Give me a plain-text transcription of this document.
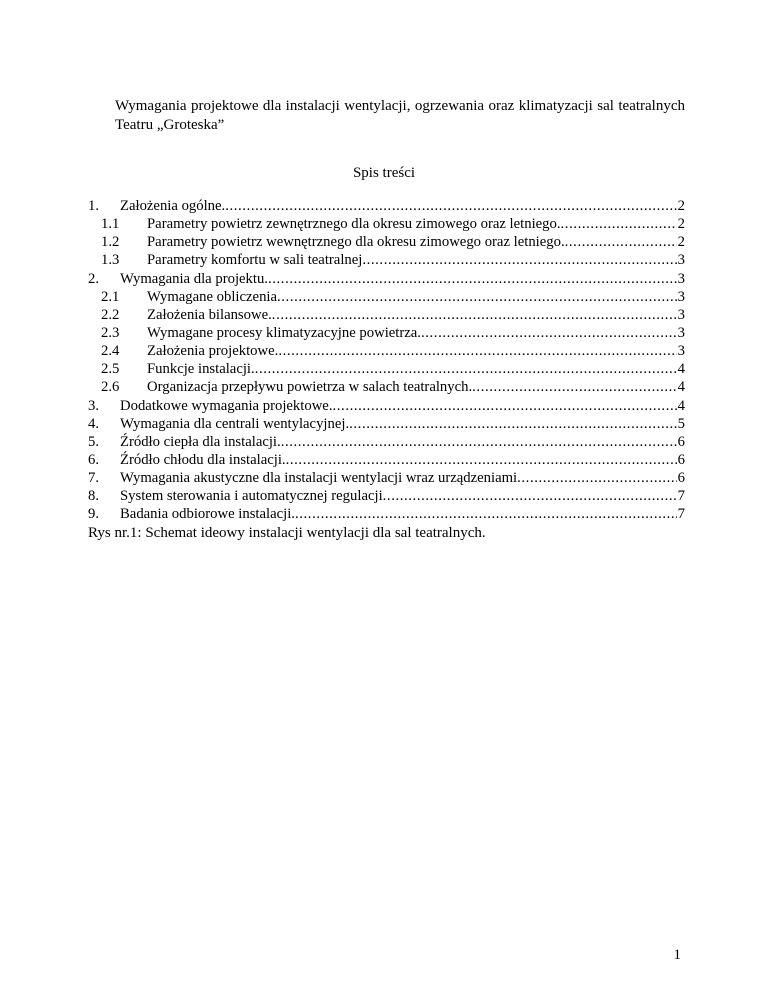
Wymagania projektowe dla instalacji wentylacji, ogrzewania oraz klimatyzacji sal teatralnych Teatru „Groteska”

Spis treści
1. Założenia ogólne. .....	2
1.1 Parametry powietrz zewnętrznego dla okresu zimowego oraz letniego. .....	2
1.2 Parametry powietrz wewnętrznego dla okresu zimowego oraz letniego. .....	2
1.3 Parametry komfortu w sali teatralnej .....	3
2. Wymagania dla projektu. .....	3
2.1 Wymagane obliczenia .....	3
2.2 Założenia bilansowe. .....	3
2.3 Wymagane procesy klimatyzacyjne powietrza. .....	3
2.4 Założenia projektowe. .....	3
2.5 Funkcje instalacji. .....	4
2.6 Organizacja przepływu powietrza w salach teatralnych. .....	4
3. Dodatkowe wymagania projektowe. .....	4
4. Wymagania dla centrali wentylacyjnej. .....	5
5. Źródło ciepła dla instalacji. .....	6
6. Źródło chłodu dla instalacji. .....	6
7. Wymagania akustyczne dla instalacji wentylacji wraz urządzeniami .....	6
8. System sterowania i automatycznej regulacji .....	7
9. Badania odbiorowe instalacji. .....	7
Rys nr.1: Schemat ideowy instalacji wentylacji dla sal teatralnych.
1
